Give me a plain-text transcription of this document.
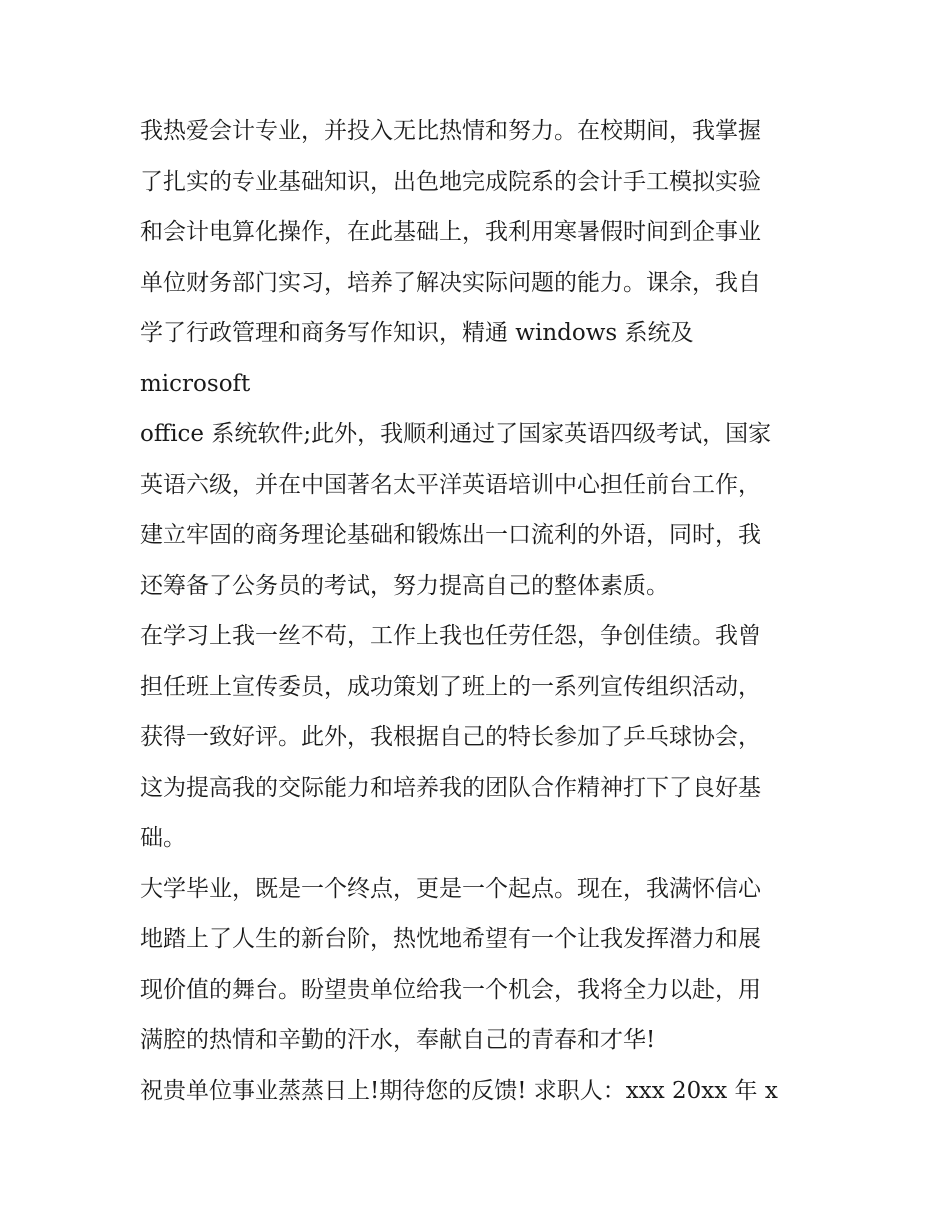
我热爱会计专业，并投入无比热情和努力。在校期间，我掌握
了扎实的专业基础知识，出色地完成院系的会计手工模拟实验
和会计电算化操作，在此基础上，我利用寒暑假时间到企事业
单位财务部门实习，培养了解决实际问题的能力。课余，我自
学了行政管理和商务写作知识，精通 windows 系统及
microsoft
office 系统软件;此外，我顺利通过了国家英语四级考试，国家
英语六级，并在中国著名太平洋英语培训中心担任前台工作，
建立牢固的商务理论基础和锻炼出一口流利的外语，同时，我
还筹备了公务员的考试，努力提高自己的整体素质。
在学习上我一丝不苟，工作上我也任劳任怨，争创佳绩。我曾
担任班上宣传委员，成功策划了班上的一系列宣传组织活动，
获得一致好评。此外，我根据自己的特长参加了乒乓球协会，
这为提高我的交际能力和培养我的团队合作精神打下了良好基
础。
大学毕业，既是一个终点，更是一个起点。现在，我满怀信心
地踏上了人生的新台阶，热忱地希望有一个让我发挥潜力和展
现价值的舞台。盼望贵单位给我一个机会，我将全力以赴，用
满腔的热情和辛勤的汗水，奉献自己的青春和才华!
祝贵单位事业蒸蒸日上!期待您的反馈! 求职人：xxx 20xx 年 x
